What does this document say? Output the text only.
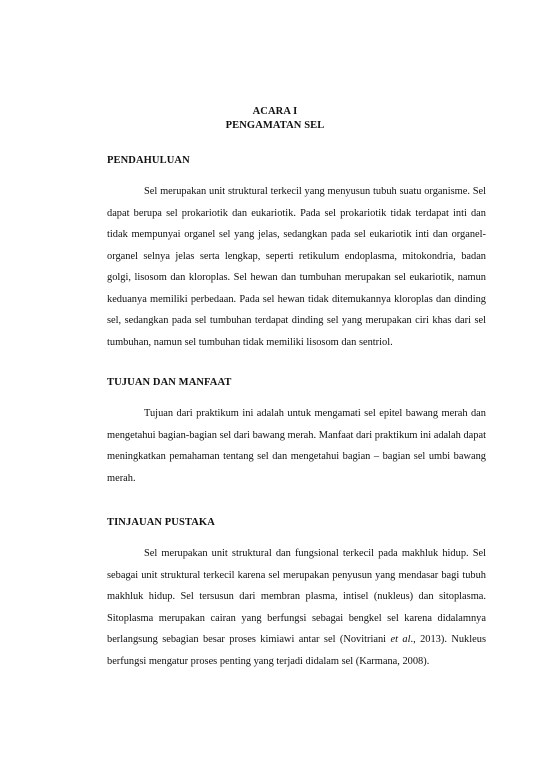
ACARA I
PENGAMATAN SEL
PENDAHULUAN

Sel merupakan unit struktural terkecil yang menyusun tubuh suatu organisme. Sel dapat berupa sel prokariotik dan eukariotik. Pada sel prokariotik tidak terdapat inti dan tidak mempunyai organel sel yang jelas, sedangkan pada sel eukariotik inti dan organel-organel selnya jelas serta lengkap, seperti retikulum endoplasma, mitokondria, badan golgi, lisosom dan kloroplas. Sel hewan dan tumbuhan merupakan sel eukariotik, namun keduanya memiliki perbedaan. Pada sel hewan tidak ditemukannya kloroplas dan dinding sel, sedangkan pada sel tumbuhan terdapat dinding sel yang merupakan ciri khas dari sel tumbuhan, namun sel tumbuhan tidak memiliki lisosom dan sentriol.

TUJUAN DAN MANFAAT

Tujuan dari praktikum ini adalah untuk mengamati sel epitel bawang merah dan mengetahui bagian-bagian sel dari bawang merah. Manfaat dari praktikum ini adalah dapat meningkatkan pemahaman tentang sel dan mengetahui bagian – bagian sel umbi bawang merah.

TINJAUAN PUSTAKA

Sel merupakan unit struktural dan fungsional terkecil pada makhluk hidup. Sel sebagai unit struktural terkecil karena sel merupakan penyusun yang mendasar bagi tubuh makhluk hidup. Sel tersusun dari membran plasma, intisel (nukleus) dan sitoplasma. Sitoplasma merupakan cairan yang berfungsi sebagai bengkel sel karena didalamnya berlangsung sebagian besar proses kimiawi antar sel (Novitriani et al., 2013). Nukleus berfungsi mengatur proses penting yang terjadi didalam sel (Karmana, 2008).
